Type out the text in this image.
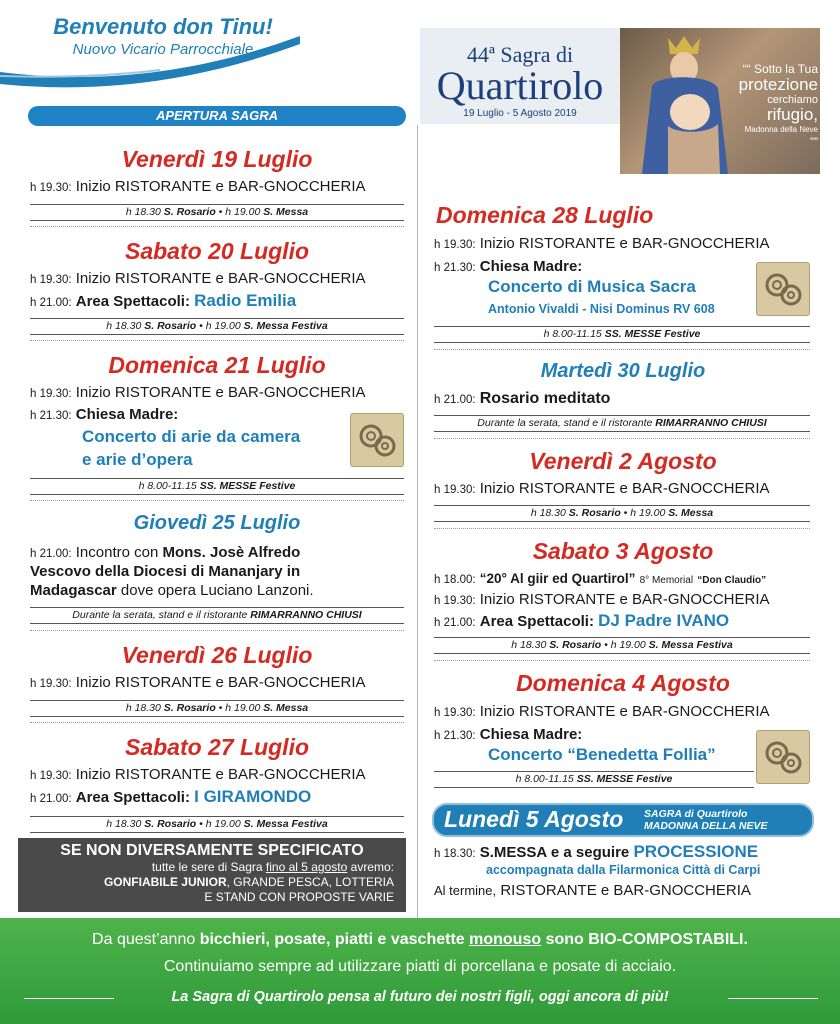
Benvenuto don Tinu!
Nuovo Vicario Parrocchiale	44ª Sagra di
Quartirolo
19 Luglio - 5 Agosto 2019
““ Sotto la Tua
protezione
cerchiamo
rifugio,
Madonna della Neve
””
APERTURA SAGRA
Venerdì 19 Luglio
h 19.30: Inizio RISTORANTE e BAR-GNOCCHERIA
h 18.30 S. Rosario • h 19.00 S. Messa
Sabato 20 Luglio
h 19.30: Inizio RISTORANTE e BAR-GNOCCHERIA
h 21.00: Area Spettacoli: Radio Emilia
h 18.30 S. Rosario • h 19.00 S. Messa Festiva
Domenica 21 Luglio
h 19.30: Inizio RISTORANTE e BAR-GNOCCHERIA
h 21.30: Chiesa Madre:
Concerto di arie da camera
e arie d’opera
h 8.00-11.15 SS. MESSE Festive
Giovedì 25 Luglio
h 21.00: Incontro con Mons. Josè Alfredo
Vescovo della Diocesi di Mananjary in
Madagascar dove opera Luciano Lanzoni.
Durante la serata, stand e il ristorante RIMARRANNO CHIUSI
Venerdì 26 Luglio
h 19.30: Inizio RISTORANTE e BAR-GNOCCHERIA
h 18.30 S. Rosario • h 19.00 S. Messa
Sabato 27 Luglio
h 19.30: Inizio RISTORANTE e BAR-GNOCCHERIA
h 21.00: Area Spettacoli: I GIRAMONDO
h 18.30 S. Rosario • h 19.00 S. Messa Festiva
SE NON DIVERSAMENTE SPECIFICATO
tutte le sere di Sagra fino al 5 agosto avremo:
GONFIABILE JUNIOR, GRANDE PESCA, LOTTERIA
E STAND CON PROPOSTE VARIE
Domenica 28 Luglio
h 19.30: Inizio RISTORANTE e BAR-GNOCCHERIA
h 21.30: Chiesa Madre:
Concerto di Musica Sacra
Antonio Vivaldi - Nisi Dominus RV 608
h 8.00-11.15 SS. MESSE Festive
Martedì 30 Luglio
h 21.00: Rosario meditato
Durante la serata, stand e il ristorante RIMARRANNO CHIUSI
Venerdì 2 Agosto
h 19.30: Inizio RISTORANTE e BAR-GNOCCHERIA
h 18.30 S. Rosario • h 19.00 S. Messa
Sabato 3 Agosto
h 18.00: “20° Al giir ed Quartirol” 8° Memorial “Don Claudio”
h 19.30: Inizio RISTORANTE e BAR-GNOCCHERIA
h 21.00: Area Spettacoli: DJ Padre IVANO
h 18.30 S. Rosario • h 19.00 S. Messa Festiva
Domenica 4 Agosto
h 19.30: Inizio RISTORANTE e BAR-GNOCCHERIA
h 21.30: Chiesa Madre:
Concerto “Benedetta Follia”
h 8.00-11.15 SS. MESSE Festive
Lunedì 5 Agosto SAGRA di Quartirolo
MADONNA DELLA NEVE
h 18.30: S.MESSA e a seguire PROCESSIONE
accompagnata dalla Filarmonica Città di Carpi
Al termine, RISTORANTE e BAR-GNOCCHERIA
Da quest’anno bicchieri, posate, piatti e vaschette monouso sono BIO-COMPOSTABILI.
Continuiamo sempre ad utilizzare piatti di porcellana e posate di acciaio.
La Sagra di Quartirolo pensa al futuro dei nostri figli, oggi ancora di più!
